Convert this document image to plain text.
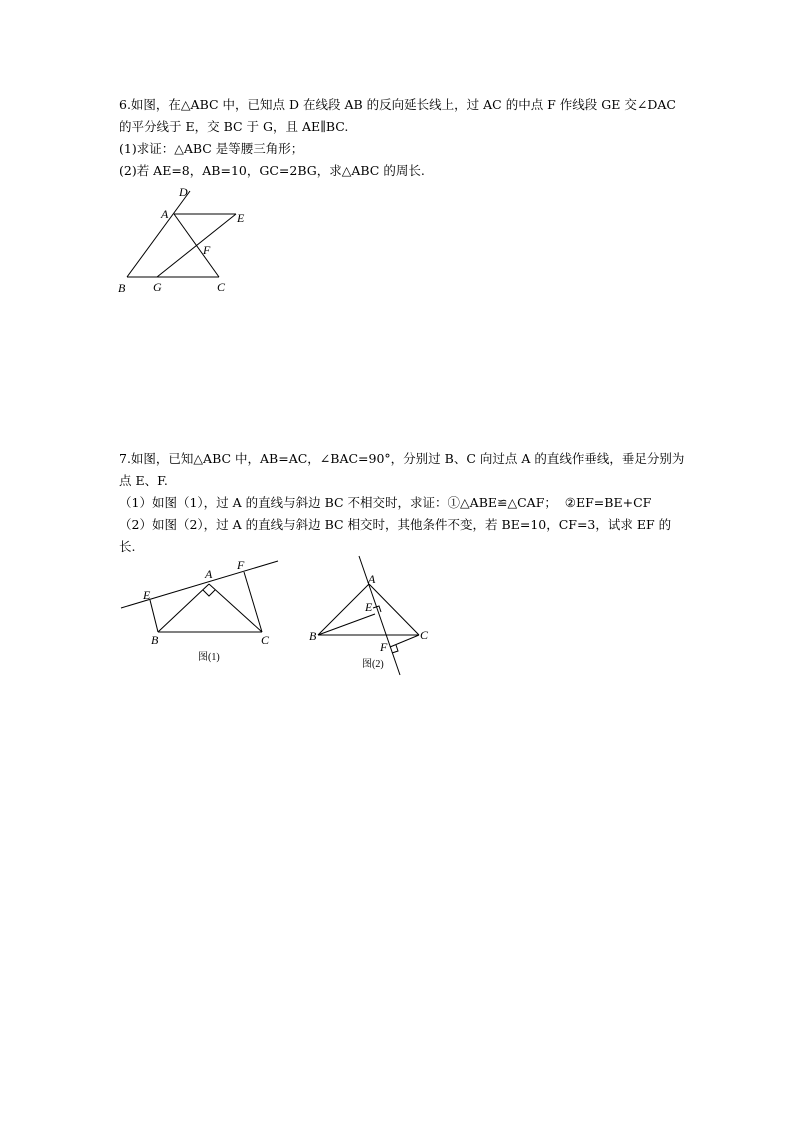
6.如图，在△ABC 中，已知点 D 在线段 AB 的反向延长线上，过 AC 的中点 F 作线段 GE 交∠DAC

的平分线于 E，交 BC 于 G，且 AE∥BC.

(1)求证：△ABC 是等腰三角形；

(2)若 AE=8，AB=10，GC=2BG，求△ABC 的周长.

D
A	E
F
B G	C

7.如图，已知△ABC 中，AB=AC，∠BAC=90°，分别过 B、C 向过点 A 的直线作垂线，垂足分别为

点 E、F.

（1）如图（1），过 A 的直线与斜边 BC 不相交时，求证：①△ABE≌△CAF；  ②EF=BE+CF

（2）如图（2），过 A 的直线与斜边 BC 相交时，其他条件不变，若 BE=10，CF=3，试求 EF 的

长.

A
F
E
B	C
图(1)
A
E
B
F
C
图(2)
